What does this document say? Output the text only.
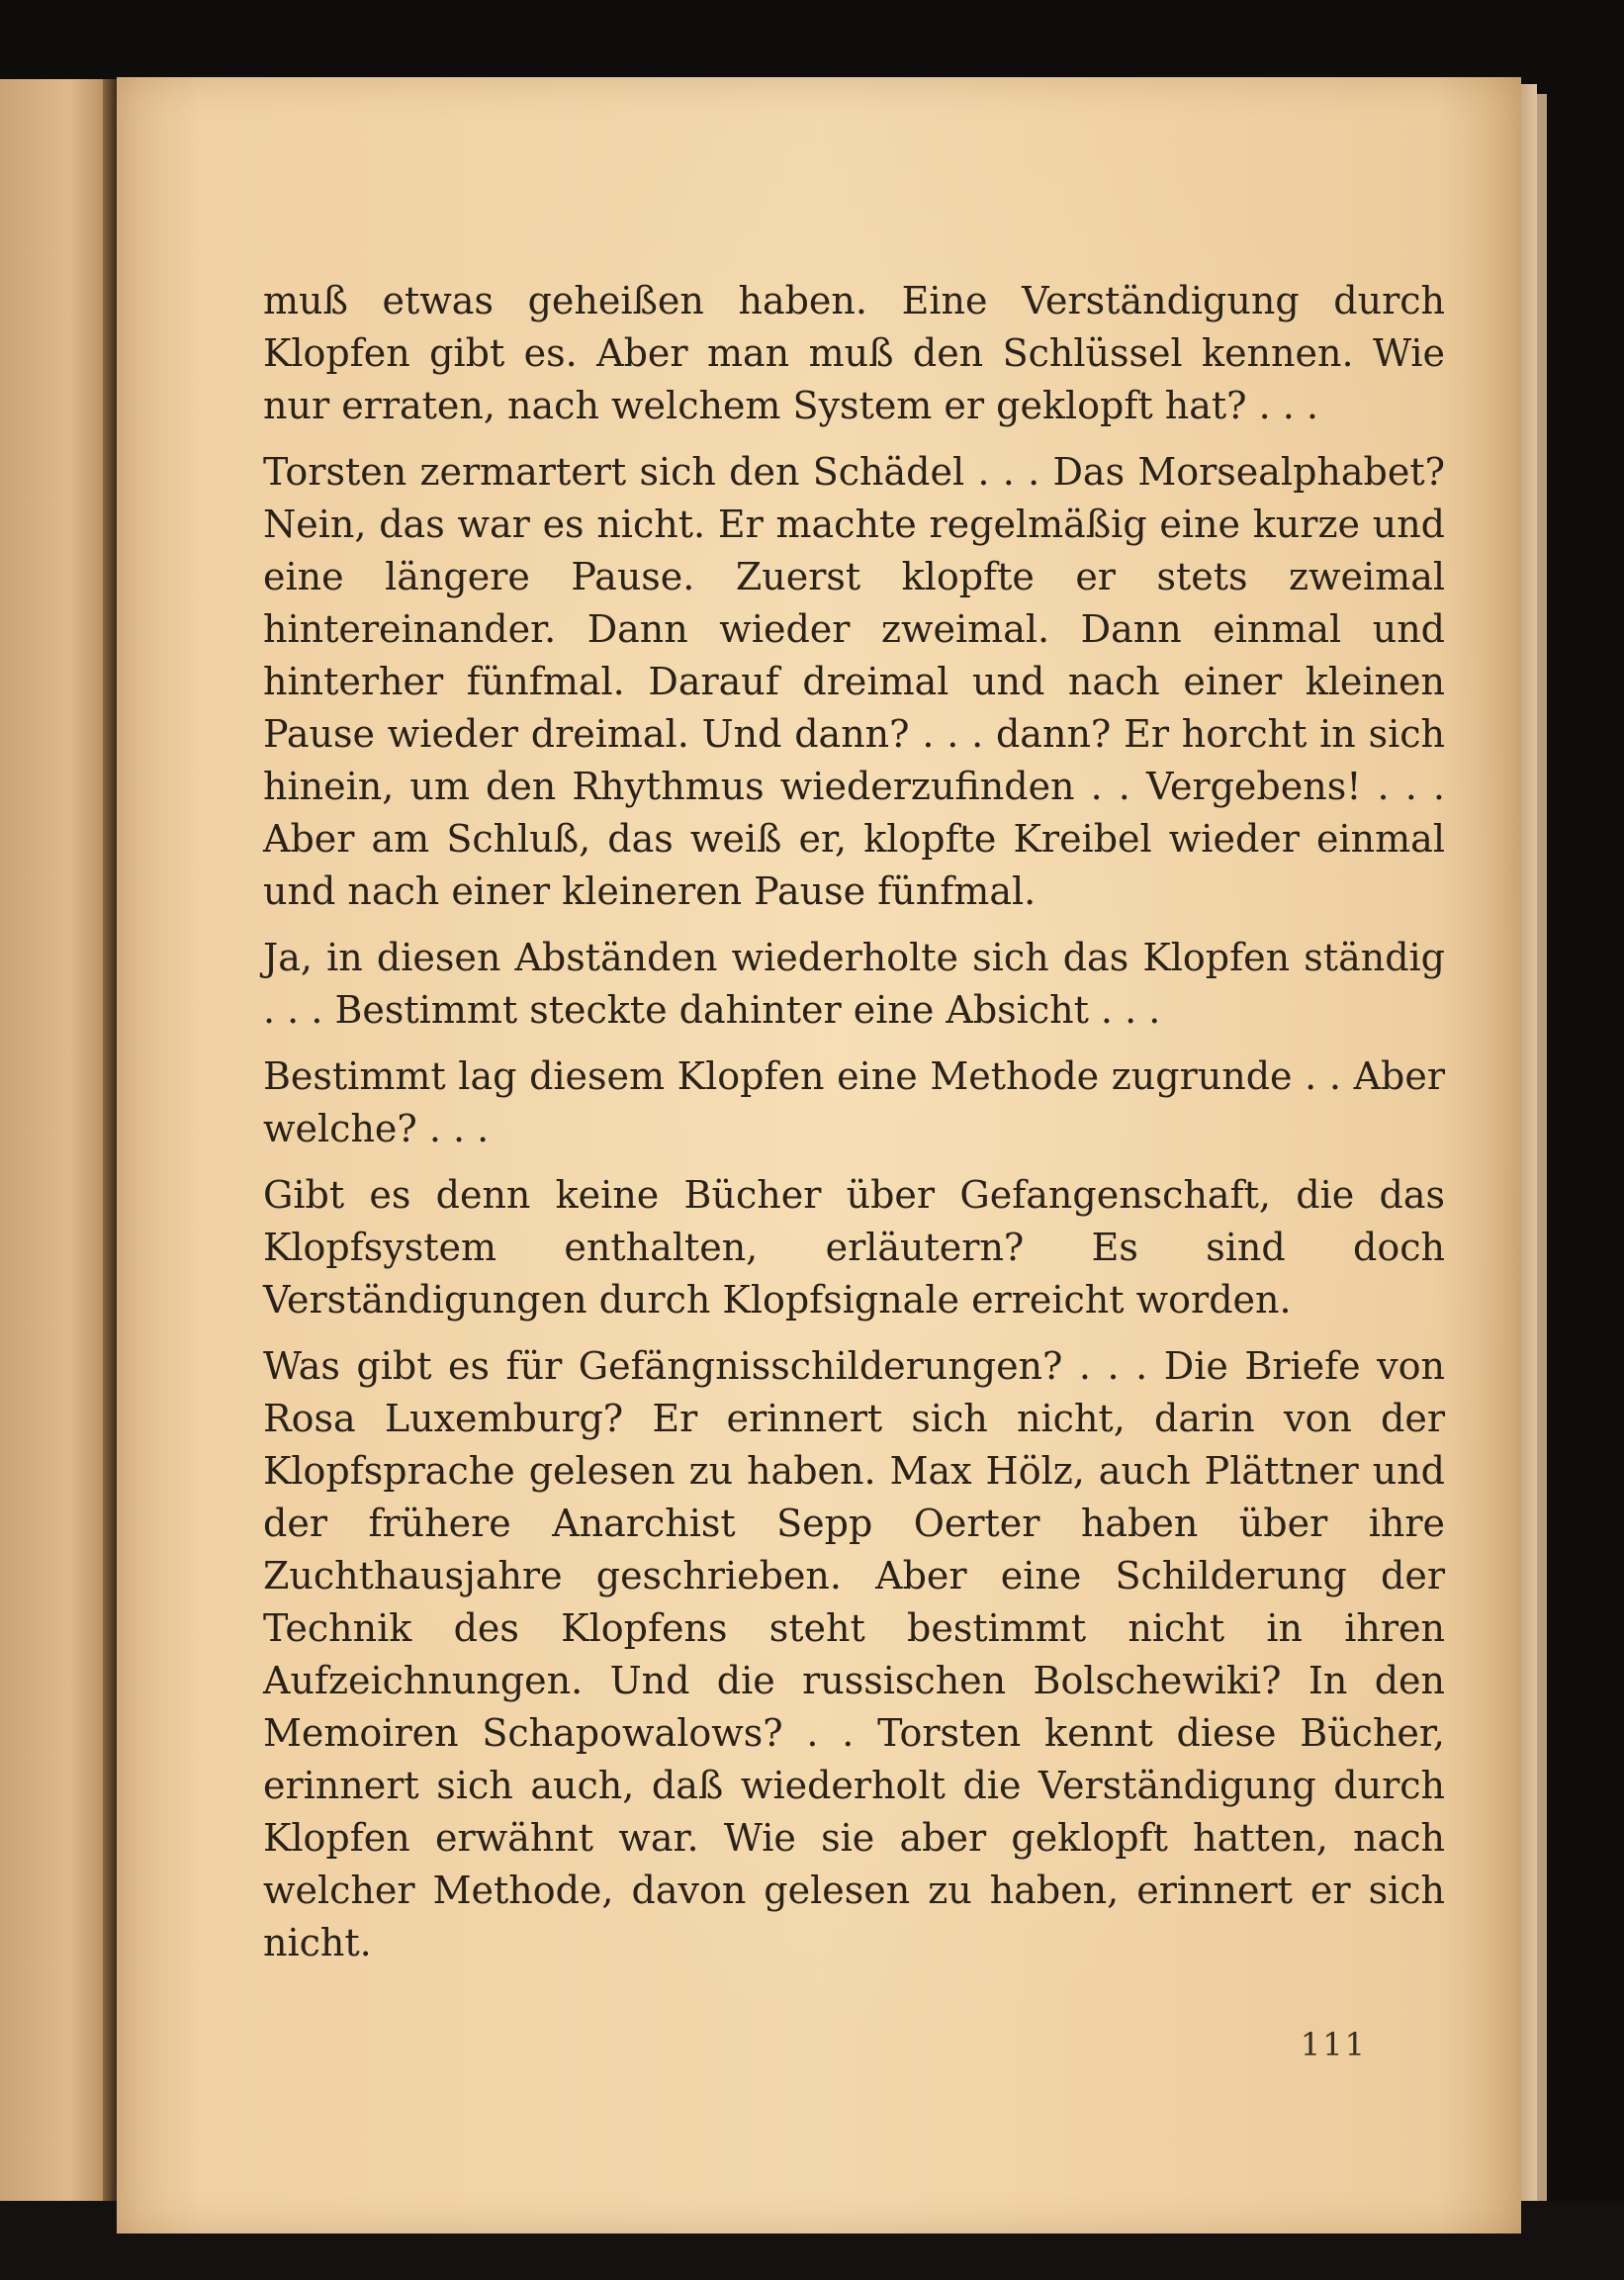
muß etwas geheißen haben. Eine Verständigung durch Klopfen gibt es. Aber man muß den Schlüssel kennen. Wie nur erraten, nach welchem System er geklopft hat? . . .

Torsten zermartert sich den Schädel . . . Das Morsealphabet? Nein, das war es nicht. Er machte regelmäßig eine kurze und eine längere Pause. Zuerst klopfte er stets zweimal hintereinander. Dann wieder zweimal. Dann einmal und hinterher fünfmal. Darauf dreimal und nach einer kleinen Pause wieder dreimal. Und dann? . . . dann? Er horcht in sich hinein, um den Rhythmus wiederzufinden . . Vergebens! . . . Aber am Schluß, das weiß er, klopfte Kreibel wieder einmal und nach einer kleineren Pause fünfmal.

Ja, in diesen Abständen wiederholte sich das Klopfen ständig . . . Bestimmt steckte dahinter eine Absicht . . .

Bestimmt lag diesem Klopfen eine Methode zugrunde . . Aber welche? . . .

Gibt es denn keine Bücher über Gefangenschaft, die das Klopfsystem enthalten, erläutern? Es sind doch Verständigungen durch Klopfsignale erreicht worden.

Was gibt es für Gefängnisschilderungen? . . . Die Briefe von Rosa Luxemburg? Er erinnert sich nicht, darin von der Klopfsprache gelesen zu haben. Max Hölz, auch Plättner und der frühere Anarchist Sepp Oerter haben über ihre Zuchthausjahre geschrieben. Aber eine Schilderung der Technik des Klopfens steht bestimmt nicht in ihren Aufzeichnungen. Und die russischen Bolschewiki? In den Memoiren Schapowalows? . . Torsten kennt diese Bücher, erinnert sich auch, daß wiederholt die Verständigung durch Klopfen erwähnt war. Wie sie aber geklopft hatten, nach welcher Methode, davon gelesen zu haben, erinnert er sich nicht.

111
